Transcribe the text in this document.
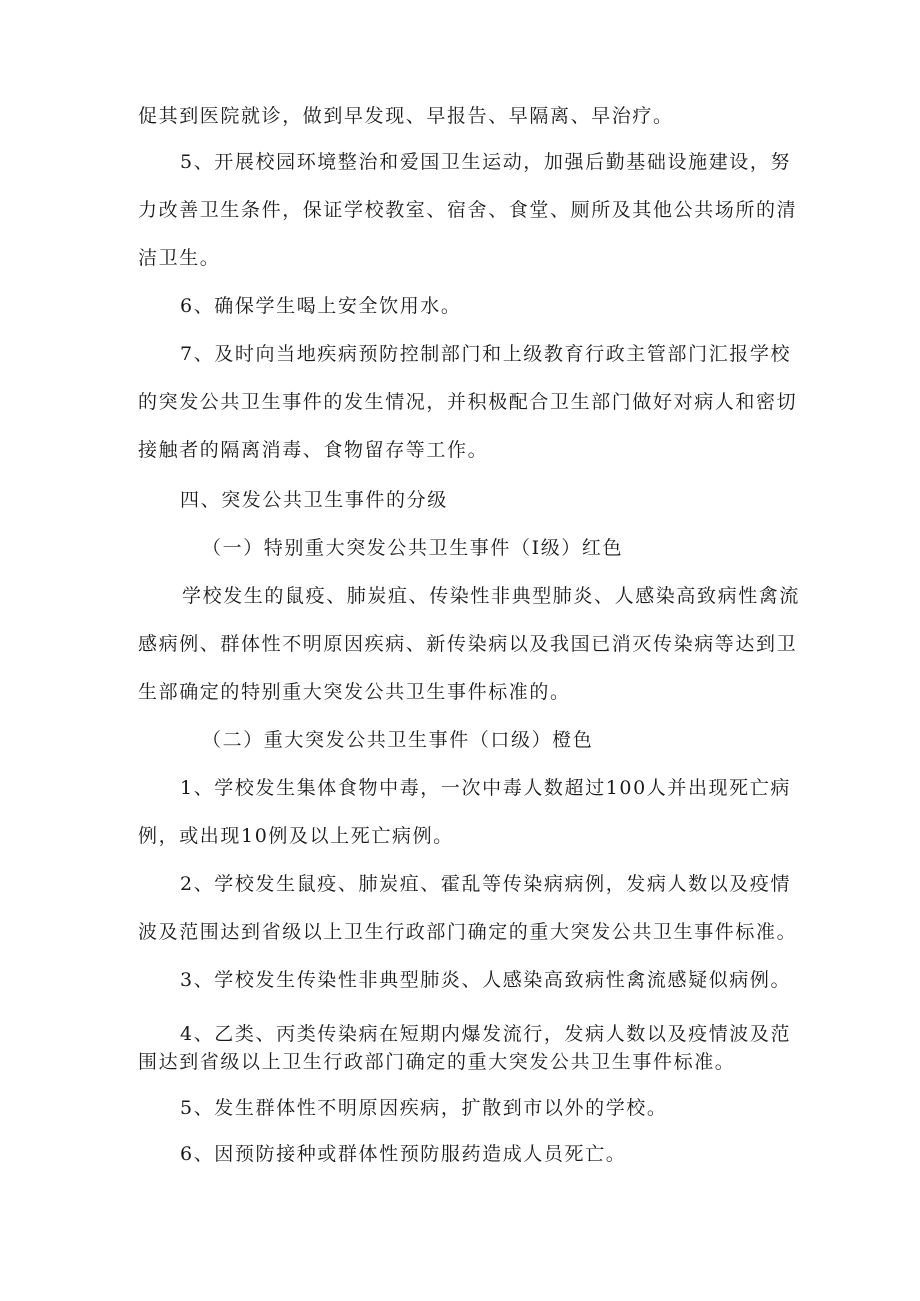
促其到医院就诊，做到早发现、早报告、早隔离、早治疗。
5、开展校园环境整治和爱国卫生运动，加强后勤基础设施建设，努
力改善卫生条件，保证学校教室、宿舍、食堂、厕所及其他公共场所的清
洁卫生。
6、确保学生喝上安全饮用水。
7、及时向当地疾病预防控制部门和上级教育行政主管部门汇报学校
的突发公共卫生事件的发生情况，并积极配合卫生部门做好对病人和密切
接触者的隔离消毒、食物留存等工作。
四、突发公共卫生事件的分级
（一）特别重大突发公共卫生事件（I级）红色
学校发生的鼠疫、肺炭疽、传染性非典型肺炎、人感染高致病性禽流
感病例、群体性不明原因疾病、新传染病以及我国已消灭传染病等达到卫
生部确定的特别重大突发公共卫生事件标准的。
（二）重大突发公共卫生事件（口级）橙色
1、学校发生集体食物中毒，一次中毒人数超过100人并出现死亡病
例，或出现10例及以上死亡病例。
2、学校发生鼠疫、肺炭疽、霍乱等传染病病例，发病人数以及疫情
波及范围达到省级以上卫生行政部门确定的重大突发公共卫生事件标准。
3、学校发生传染性非典型肺炎、人感染高致病性禽流感疑似病例。
4、乙类、丙类传染病在短期内爆发流行，发病人数以及疫情波及范
围达到省级以上卫生行政部门确定的重大突发公共卫生事件标准。
5、发生群体性不明原因疾病，扩散到市以外的学校。
6、因预防接种或群体性预防服药造成人员死亡。
